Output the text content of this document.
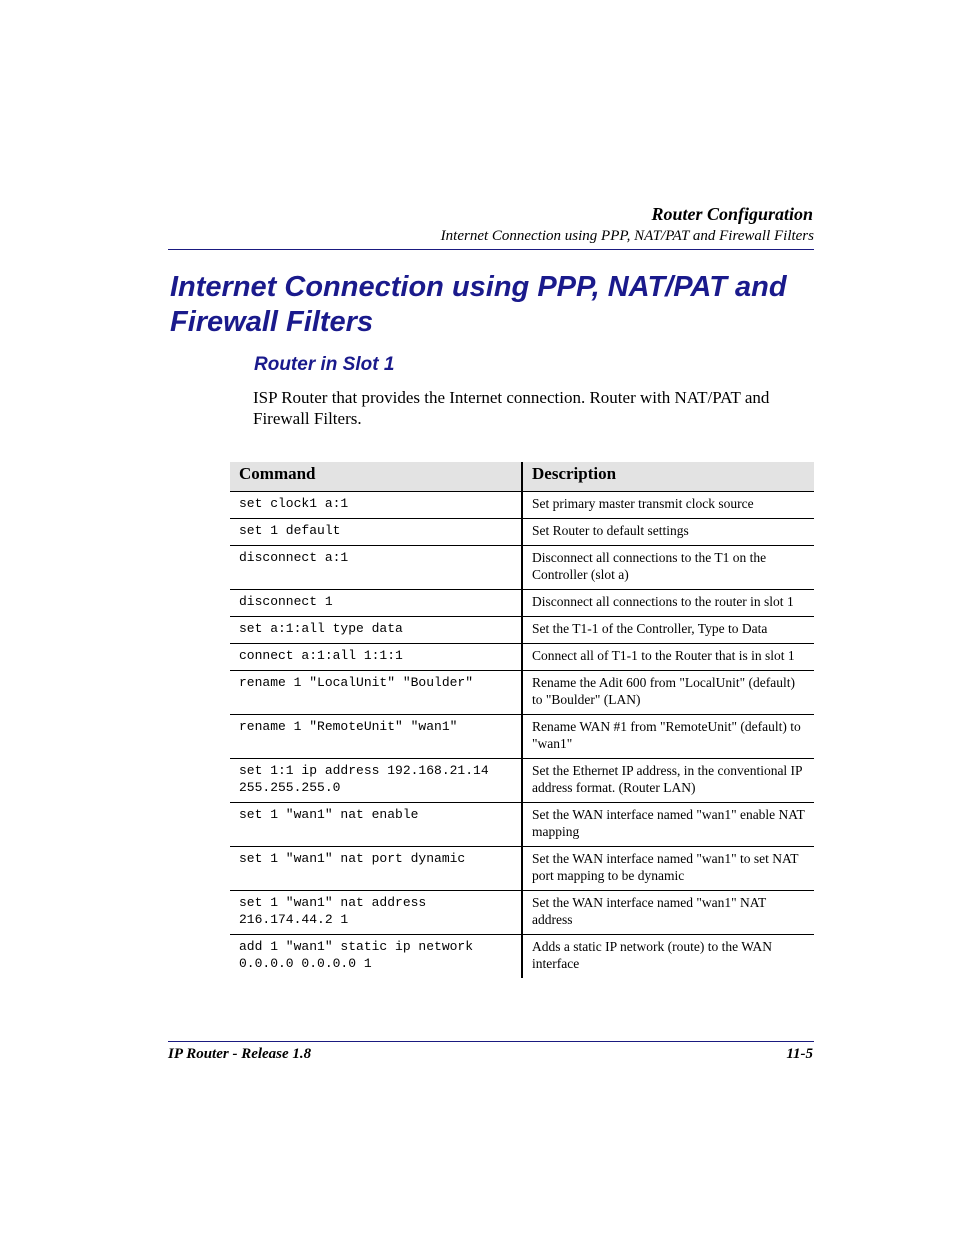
Router Configuration
Internet Connection using PPP, NAT/PAT and Firewall Filters
Internet Connection using PPP, NAT/PAT and Firewall Filters
Router in Slot 1

ISP Router that provides the Internet connection. Router with NAT/PAT and Firewall Filters.

Command	Description
set clock1 a:1	Set primary master transmit clock source
set 1 default	Set Router to default settings
disconnect a:1	Disconnect all connections to the T1 on the Controller (slot a)
disconnect 1	Disconnect all connections to the router in slot 1
set a:1:all type data	Set the T1-1 of the Controller, Type to Data
connect a:1:all 1:1:1	Connect all of T1-1 to the Router that is in slot 1
rename 1 "LocalUnit" "Boulder"	Rename the Adit 600 from "LocalUnit" (default) to "Boulder" (LAN)
rename 1 "RemoteUnit" "wan1"	Rename WAN #1 from "RemoteUnit" (default) to "wan1"
set 1:1 ip address 192.168.21.14 255.255.255.0	Set the Ethernet IP address, in the conventional IP address format. (Router LAN)
set 1 "wan1" nat enable	Set the WAN interface named "wan1" enable NAT mapping
set 1 "wan1" nat port dynamic	Set the WAN interface named "wan1" to set NAT port mapping to be dynamic
set 1 "wan1" nat address 216.174.44.2 1	Set the WAN interface named "wan1" NAT address
add 1 "wan1" static ip network 0.0.0.0 0.0.0.0 1	Adds a static IP network (route) to the WAN interface
IP Router - Release 1.8	11-5
